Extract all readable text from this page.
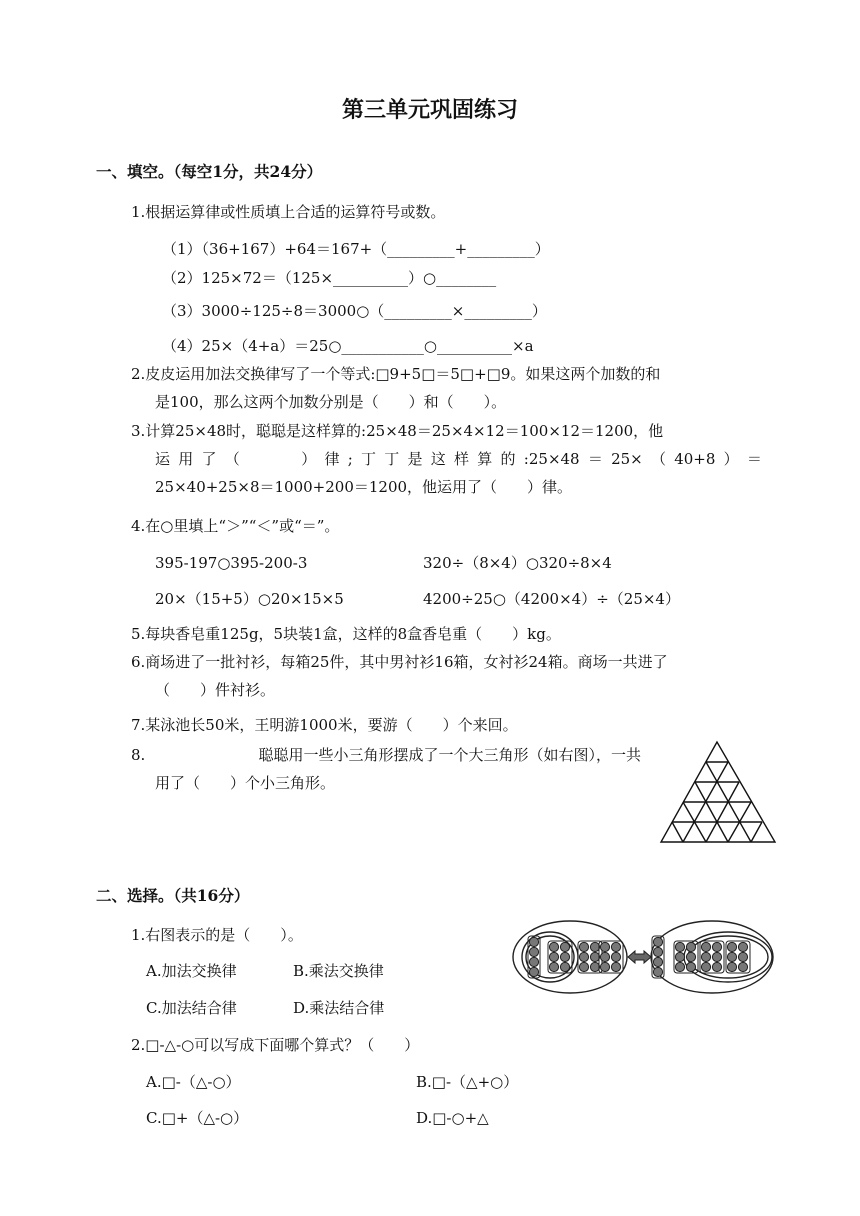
第三单元巩固练习
一、填空。（每空1分，共24分）
1.根据运算律或性质填上合适的运算符号或数。
（1）（36+167）+64＝167+（_________+_________）
（2）125×72＝（125×__________）○________
（3）3000÷125÷8＝3000○（_________×_________）
（4）25×（4+a）＝25○___________○__________×a
2.皮皮运用加法交换律写了一个等式:□9+5□＝5□+□9。如果这两个加数的和
是100，那么这两个加数分别是（　　）和（　　）。
3.计算25×48时，聪聪是这样算的:25×48＝25×4×12＝100×12＝1200，他
运 用 了 （
　　　	） 律 ; 丁 丁 是 这 样 算 的 :25×48 ＝ 25× （ 40+8 ） ＝
25×40+25×8＝1000+200＝1200，他运用了（　　）律。
4.在○里填上“＞”“＜”或“＝”。
395-197○395-200-3	320÷（8×4）○320÷8×4
20×（15+5）○20×15×5	4200÷25○（4200×4）÷（25×4）
5.每块香皂重125g，5块装1盒，这样的8盒香皂重（　　）kg。
6.商场进了一批衬衫，每箱25件，其中男衬衫16箱，女衬衫24箱。商场一共进了
（　　）件衬衫。
7.某泳池长50米，王明游1000米，要游（　　）个来回。
8.	聪聪用一些小三角形摆成了一个大三角形（如右图），一共
用了（　　）个小三角形。
二、选择。（共16分）
1.右图表示的是（　　）。
A.加法交换律	B.乘法交换律
C.加法结合律	D.乘法结合律
2.□-△-○可以写成下面哪个算式？（　　）
A.□-（△-○）	B.□-（△+○）
C.□+（△-○）	D.□-○+△
